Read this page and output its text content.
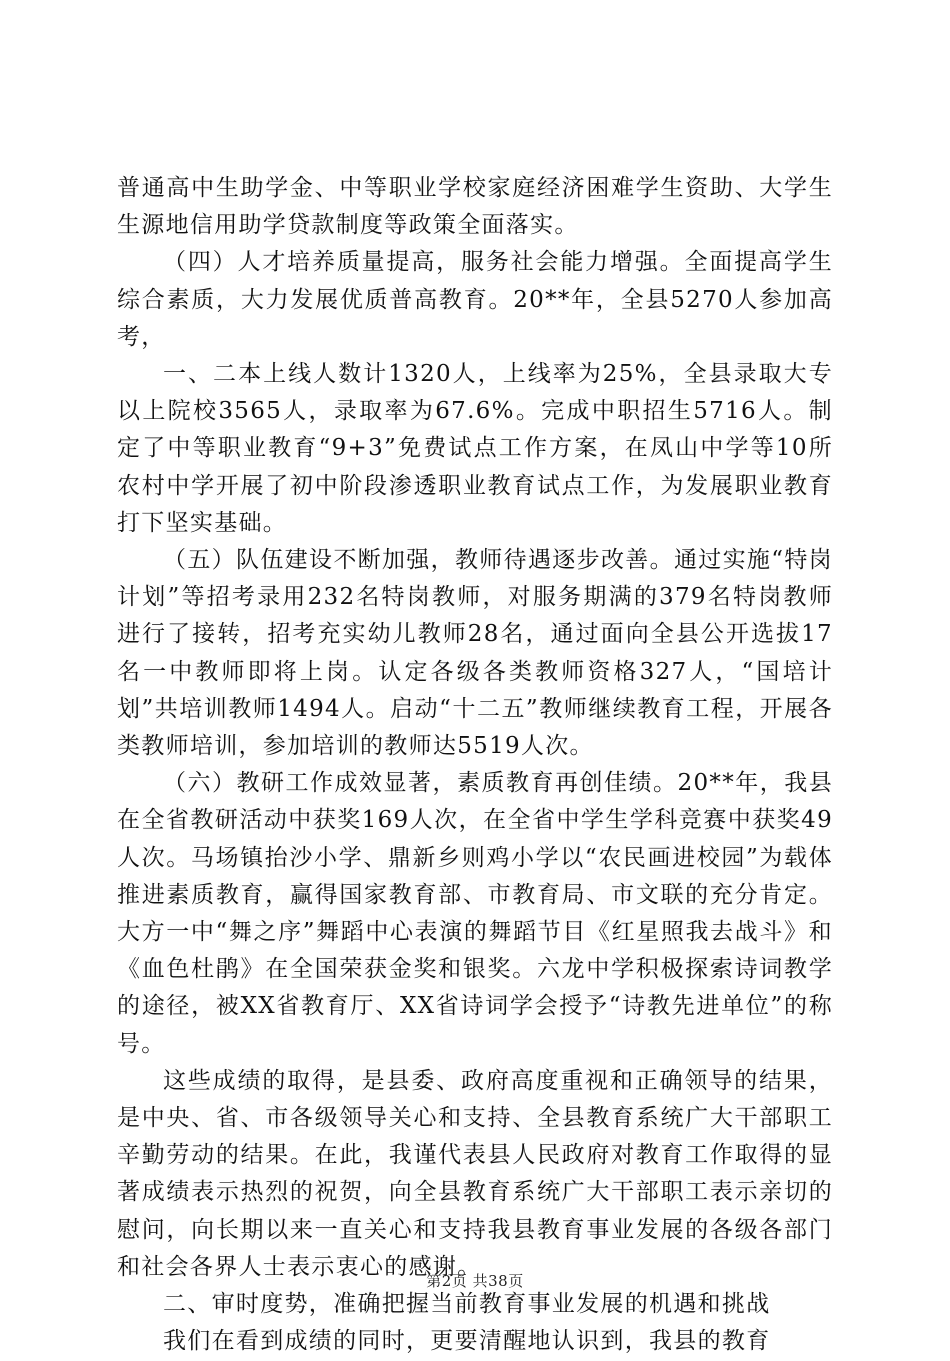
普通高中生助学金、中等职业学校家庭经济困难学生资助、大学生生源地信用助学贷款制度等政策全面落实。

（四）人才培养质量提高，服务社会能力增强。全面提高学生综合素质，大力发展优质普高教育。20**年，全县5270人参加高考，

一、二本上线人数计1320人，上线率为25%，全县录取大专以上院校3565人，录取率为67.6%。完成中职招生5716人。制定了中等职业教育“9+3”免费试点工作方案，在凤山中学等10所农村中学开展了初中阶段渗透职业教育试点工作，为发展职业教育打下坚实基础。

（五）队伍建设不断加强，教师待遇逐步改善。通过实施“特岗计划”等招考录用232名特岗教师，对服务期满的379名特岗教师进行了接转，招考充实幼儿教师28名，通过面向全县公开选拔17名一中教师即将上岗。认定各级各类教师资格327人，“国培计划”共培训教师1494人。启动“十二五”教师继续教育工程，开展各类教师培训，参加培训的教师达5519人次。

（六）教研工作成效显著，素质教育再创佳绩。20**年，我县在全省教研活动中获奖169人次，在全省中学生学科竞赛中获奖49人次。马场镇抬沙小学、鼎新乡则鸡小学以“农民画进校园”为载体推进素质教育，赢得国家教育部、市教育局、市文联的充分肯定。大方一中“舞之序”舞蹈中心表演的舞蹈节目《红星照我去战斗》和《血色杜鹃》在全国荣获金奖和银奖。六龙中学积极探索诗词教学的途径，被XX省教育厅、XX省诗词学会授予“诗教先进单位”的称号。

这些成绩的取得，是县委、政府高度重视和正确领导的结果，是中央、省、市各级领导关心和支持、全县教育系统广大干部职工辛勤劳动的结果。在此，我谨代表县人民政府对教育工作取得的显著成绩表示热烈的祝贺，向全县教育系统广大干部职工表示亲切的慰问，向长期以来一直关心和支持我县教育事业发展的各级各部门和社会各界人士表示衷心的感谢。

二、审时度势，准确把握当前教育事业发展的机遇和挑战

我们在看到成绩的同时，更要清醒地认识到，我县的教育

第2页 共38页
